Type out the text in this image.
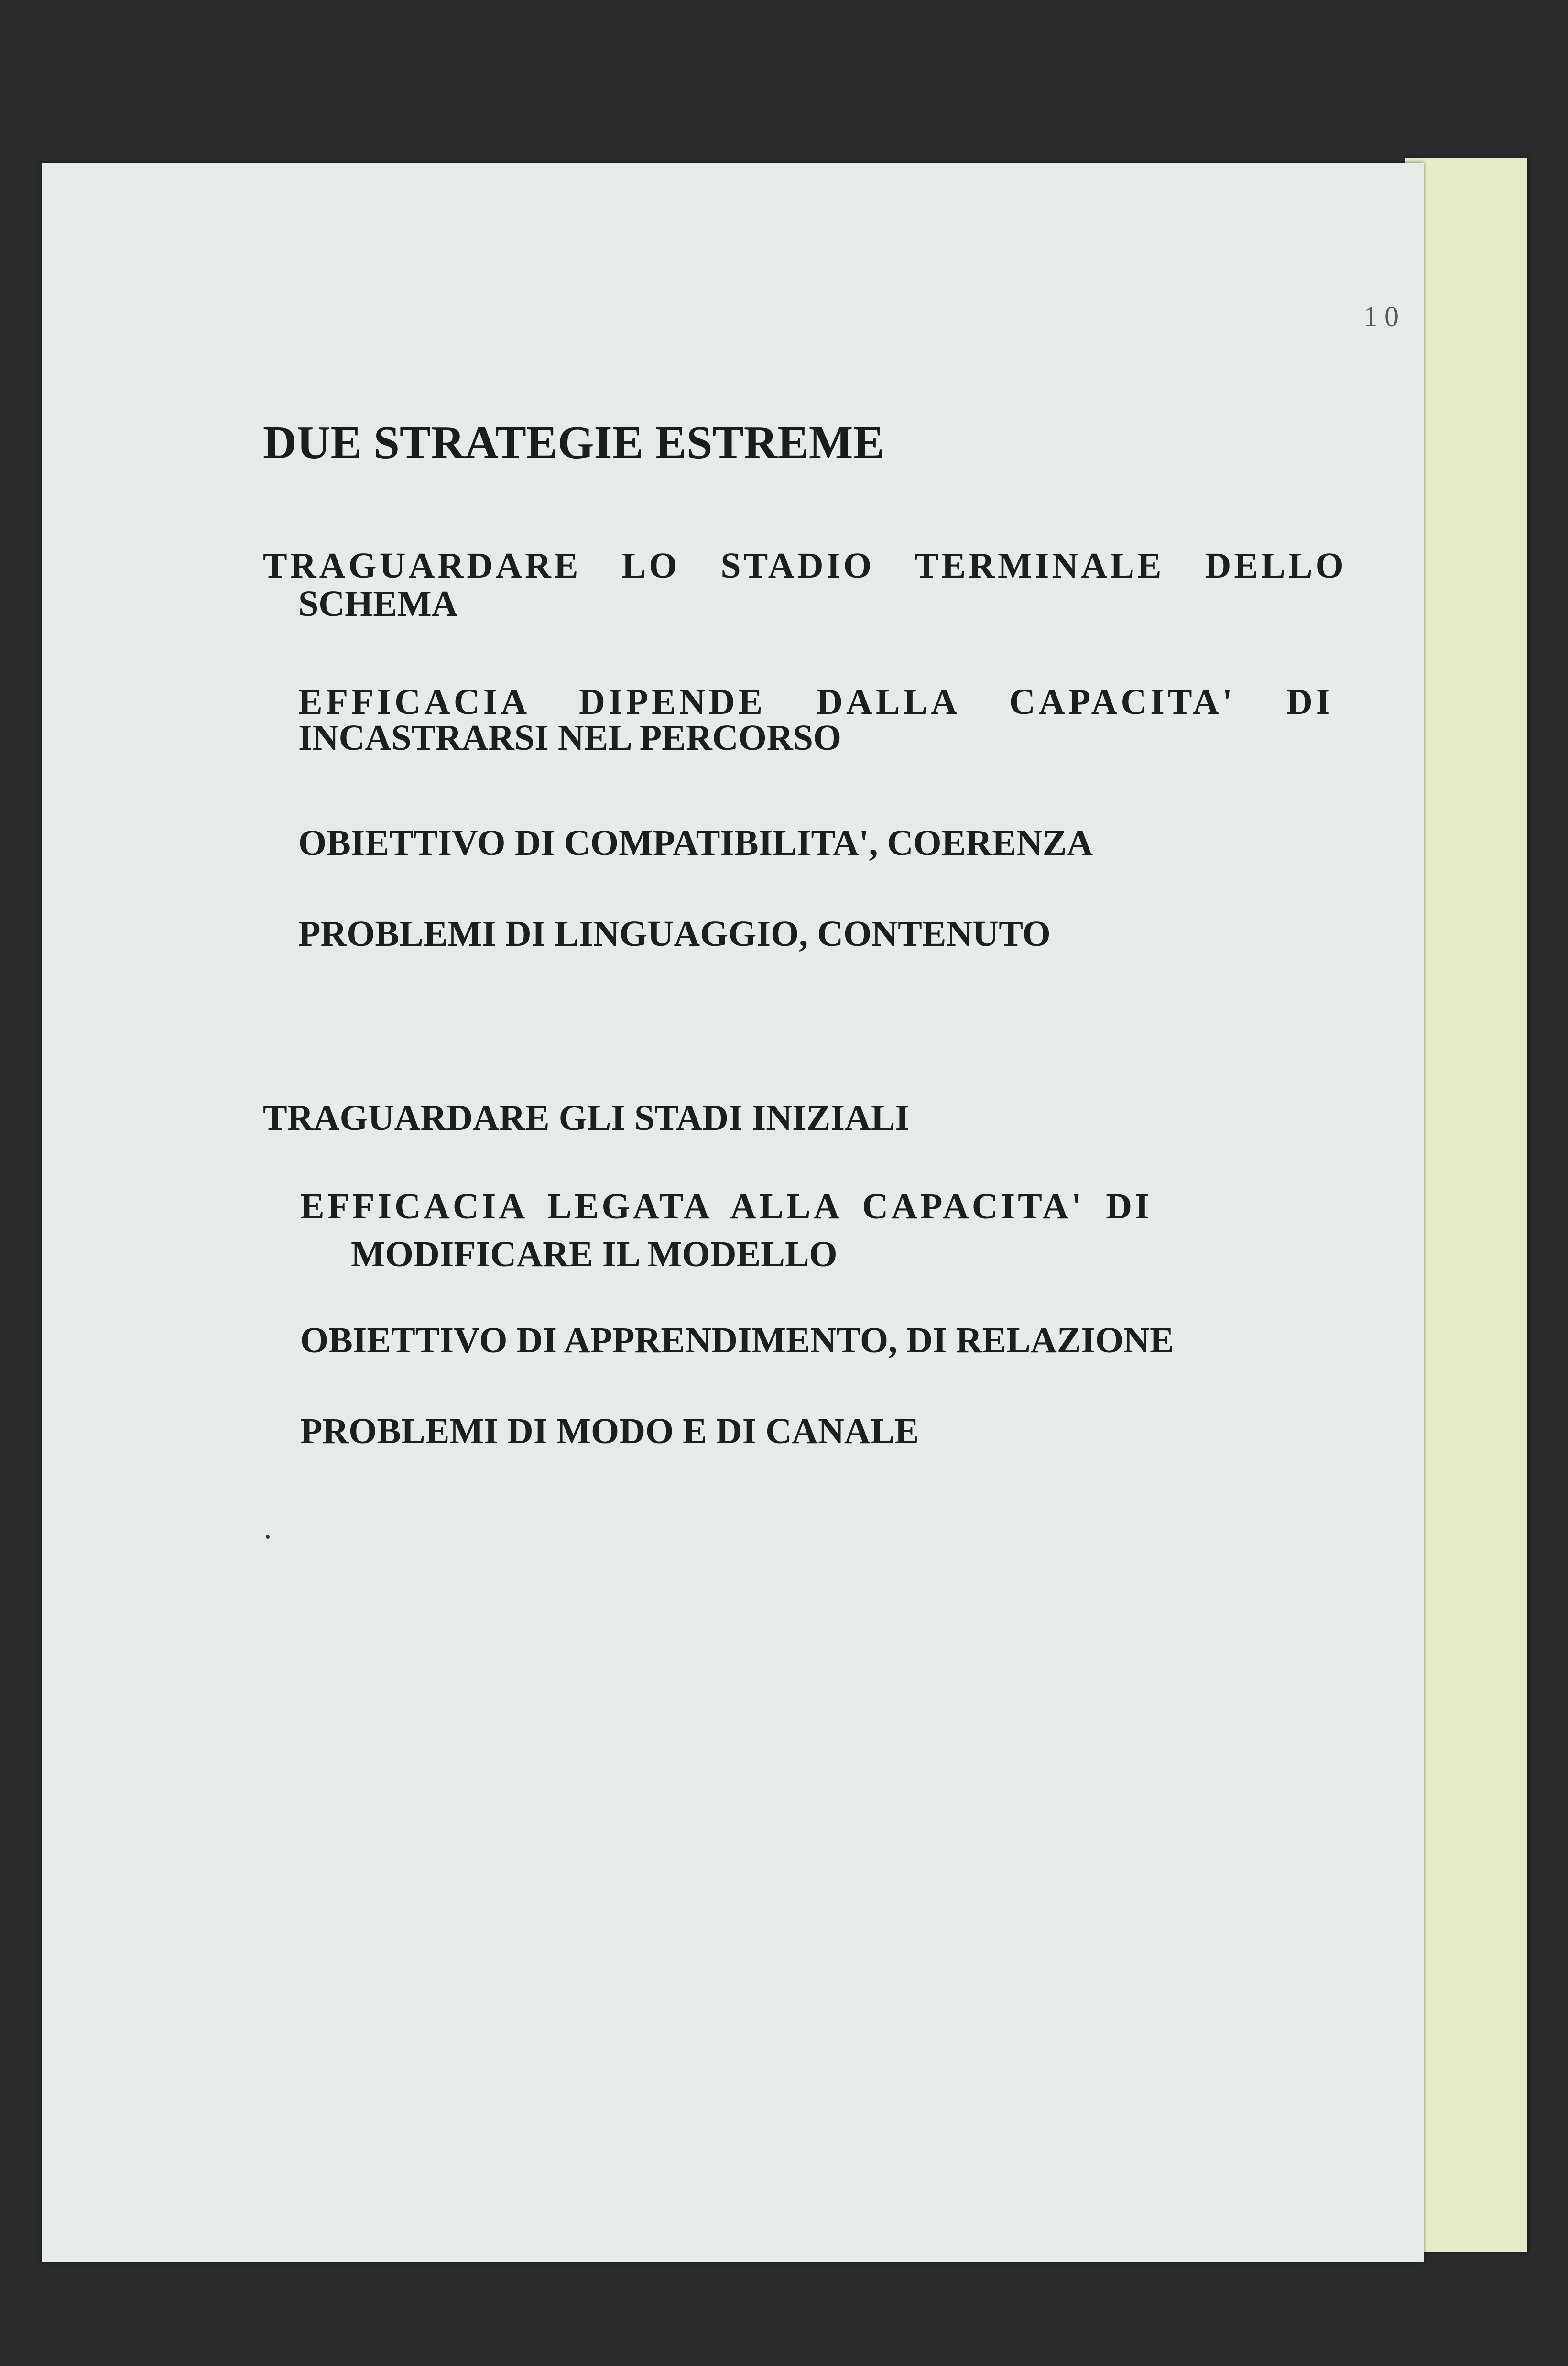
10
DUE STRATEGIE ESTREME

TRAGUARDARE LO STADIO TERMINALE DELLO

SCHEMA

EFFICACIA DIPENDE DALLA CAPACITA' DI

INCASTRARSI NEL PERCORSO

OBIETTIVO DI COMPATIBILITA', COERENZA

PROBLEMI DI LINGUAGGIO, CONTENUTO

TRAGUARDARE GLI STADI INIZIALI

EFFICACIA LEGATA ALLA CAPACITA' DI

MODIFICARE IL MODELLO

OBIETTIVO DI APPRENDIMENTO, DI RELAZIONE

PROBLEMI DI MODO E DI CANALE
